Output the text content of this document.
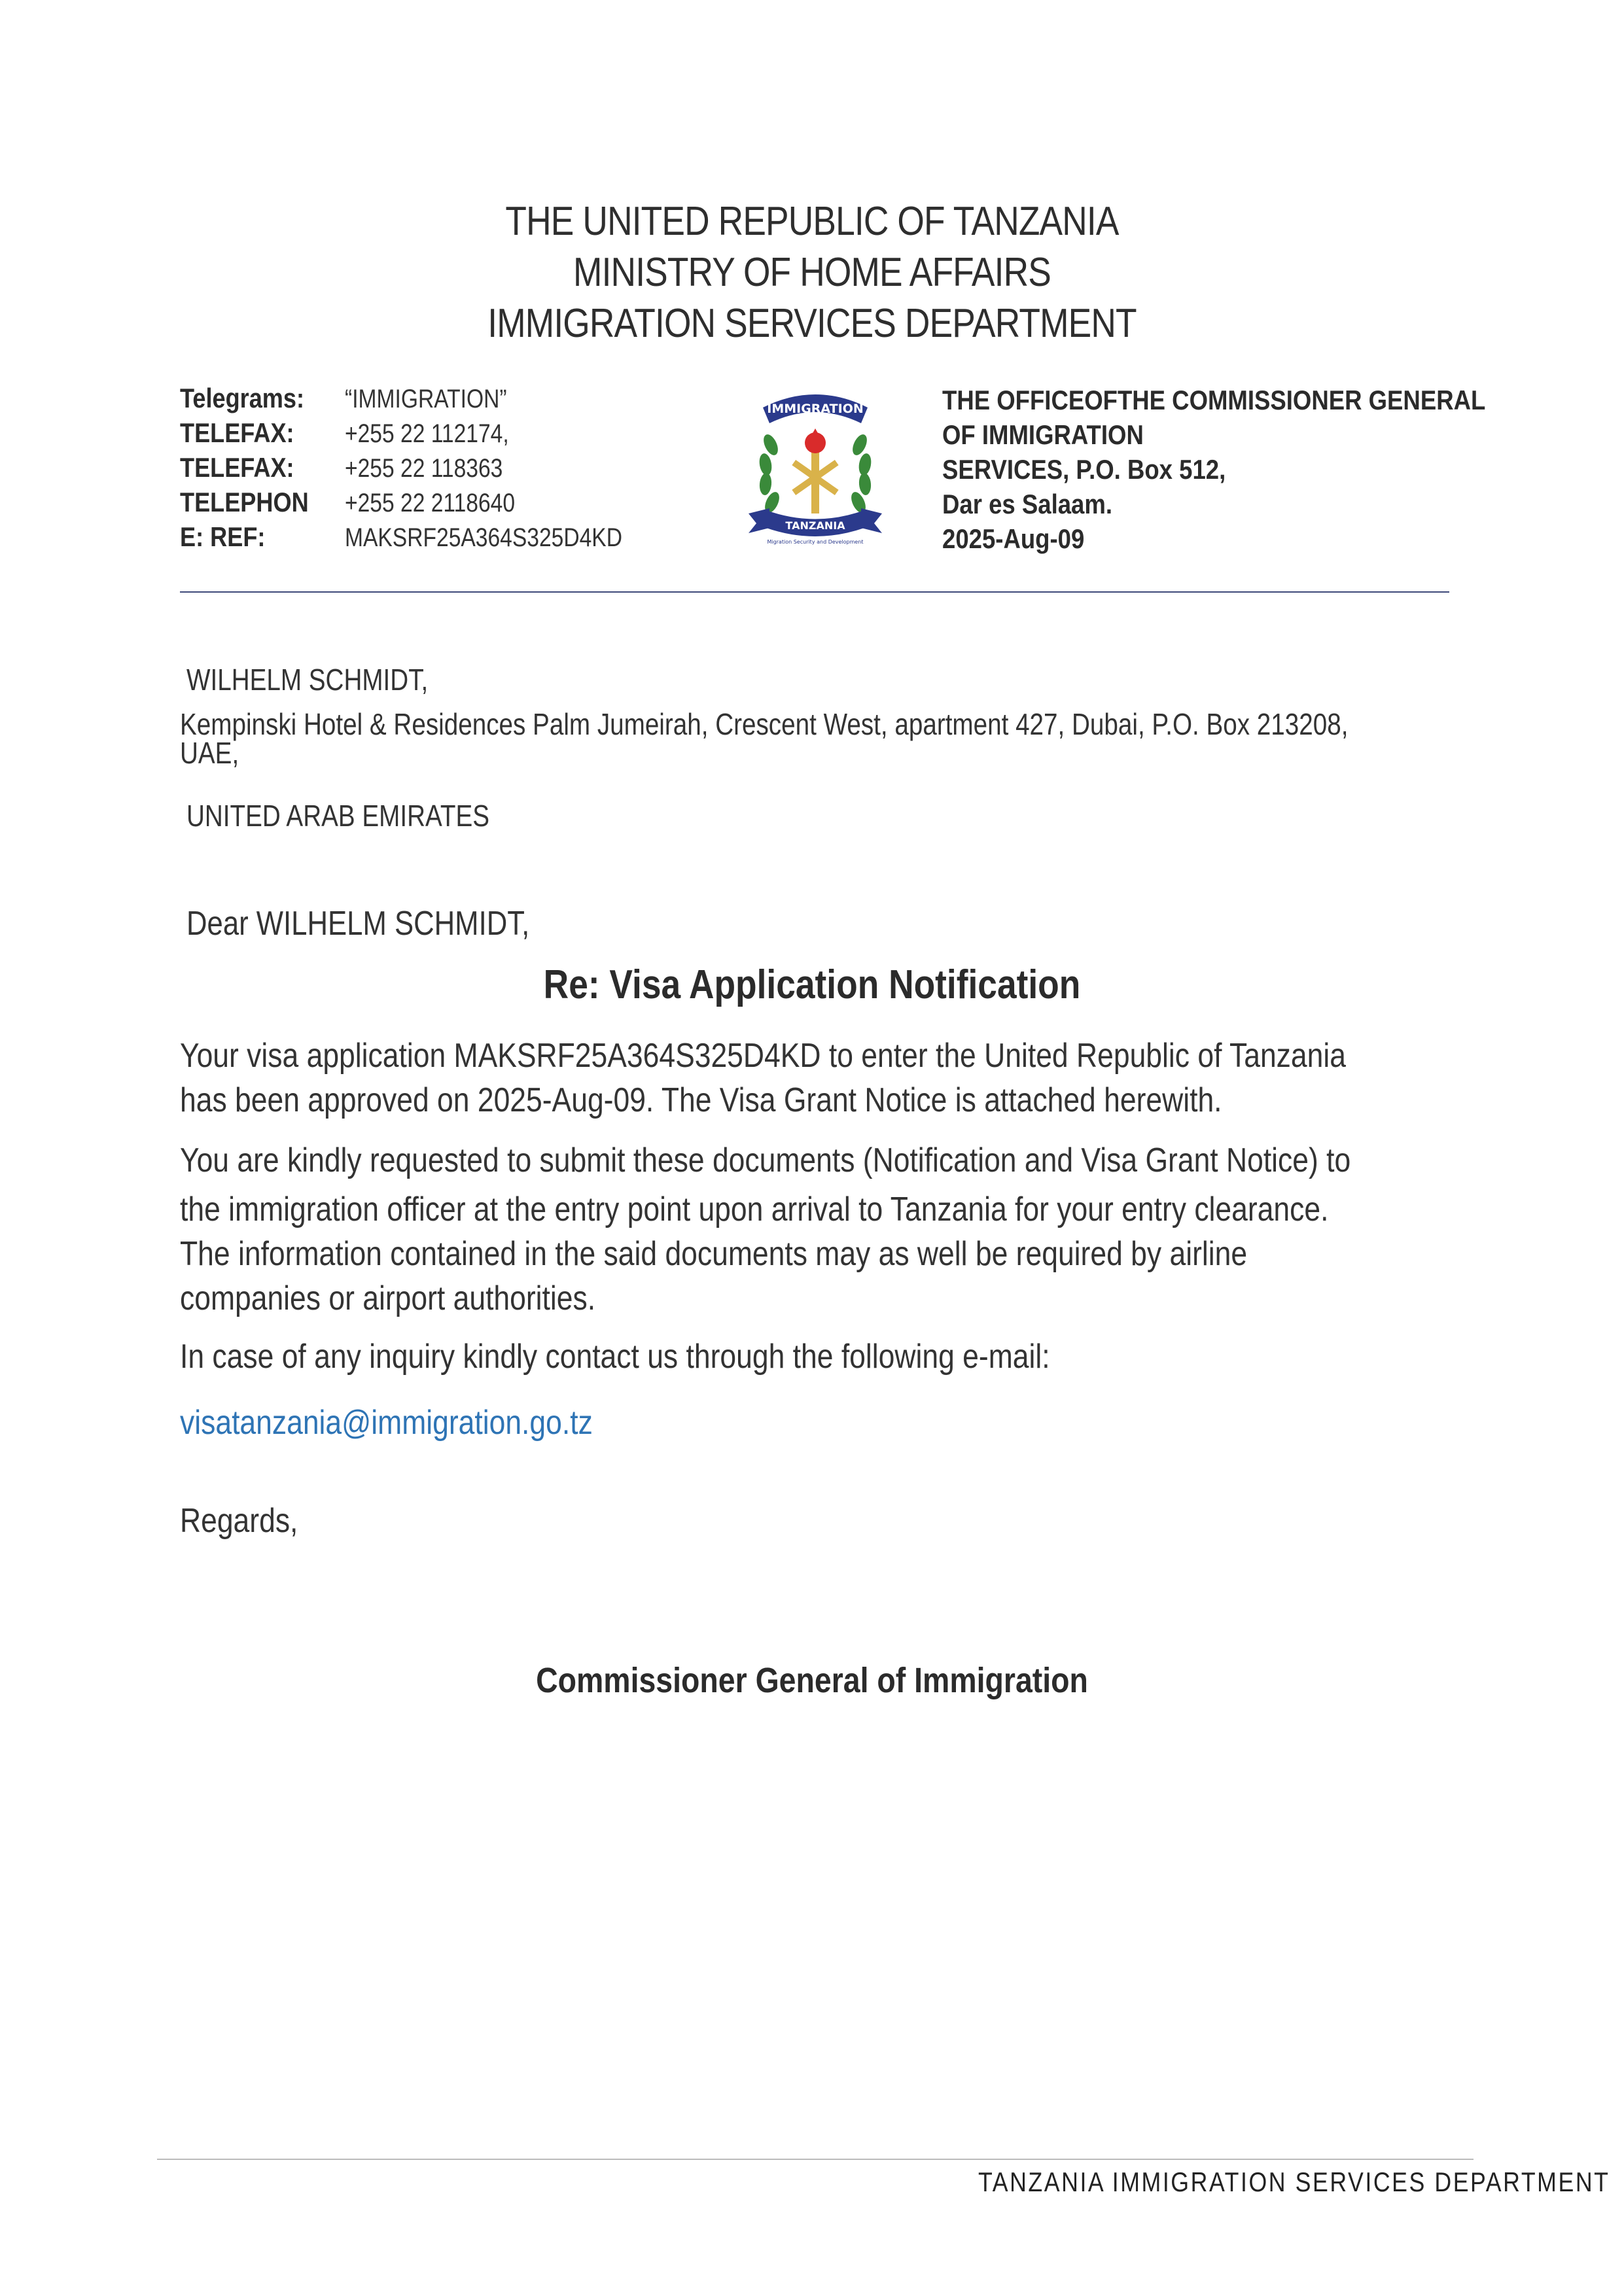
THE UNITED REPUBLIC OF TANZANIA
MINISTRY OF HOME AFFAIRS
IMMIGRATION SERVICES DEPARTMENT
Telegrams:	“IMMIGRATION”
TELEFAX:	+255 22 112174,
TELEFAX:	+255 22 118363
TELEPHON	+255 22 2118640
E: REF:	MAKSRF25A364S325D4KD
IMMIGRATION
TANZANIA
Migration Security and Development
THE OFFICEOFTHE COMMISSIONER GENERAL
OF IMMIGRATION
SERVICES, P.O. Box 512,
Dar es Salaam.
2025-Aug-09
WILHELM SCHMIDT,
Kempinski Hotel & Residences Palm Jumeirah, Crescent West, apartment 427, Dubai, P.O. Box 213208,
UAE,
UNITED ARAB EMIRATES
Dear WILHELM SCHMIDT,
Re: Visa Application Notification
Your visa application MAKSRF25A364S325D4KD to enter the United Republic of Tanzania
has been approved on 2025-Aug-09. The Visa Grant Notice is attached herewith.
You are kindly requested to submit these documents (Notification and Visa Grant Notice) to
the immigration officer at the entry point upon arrival to Tanzania for your entry clearance.
The information contained in the said documents may as well be required by airline
companies or airport authorities.
In case of any inquiry kindly contact us through the following e-mail:
visatanzania@immigration.go.tz
Regards,
Commissioner General of Immigration
TANZANIA IMMIGRATION SERVICES DEPARTMENT
